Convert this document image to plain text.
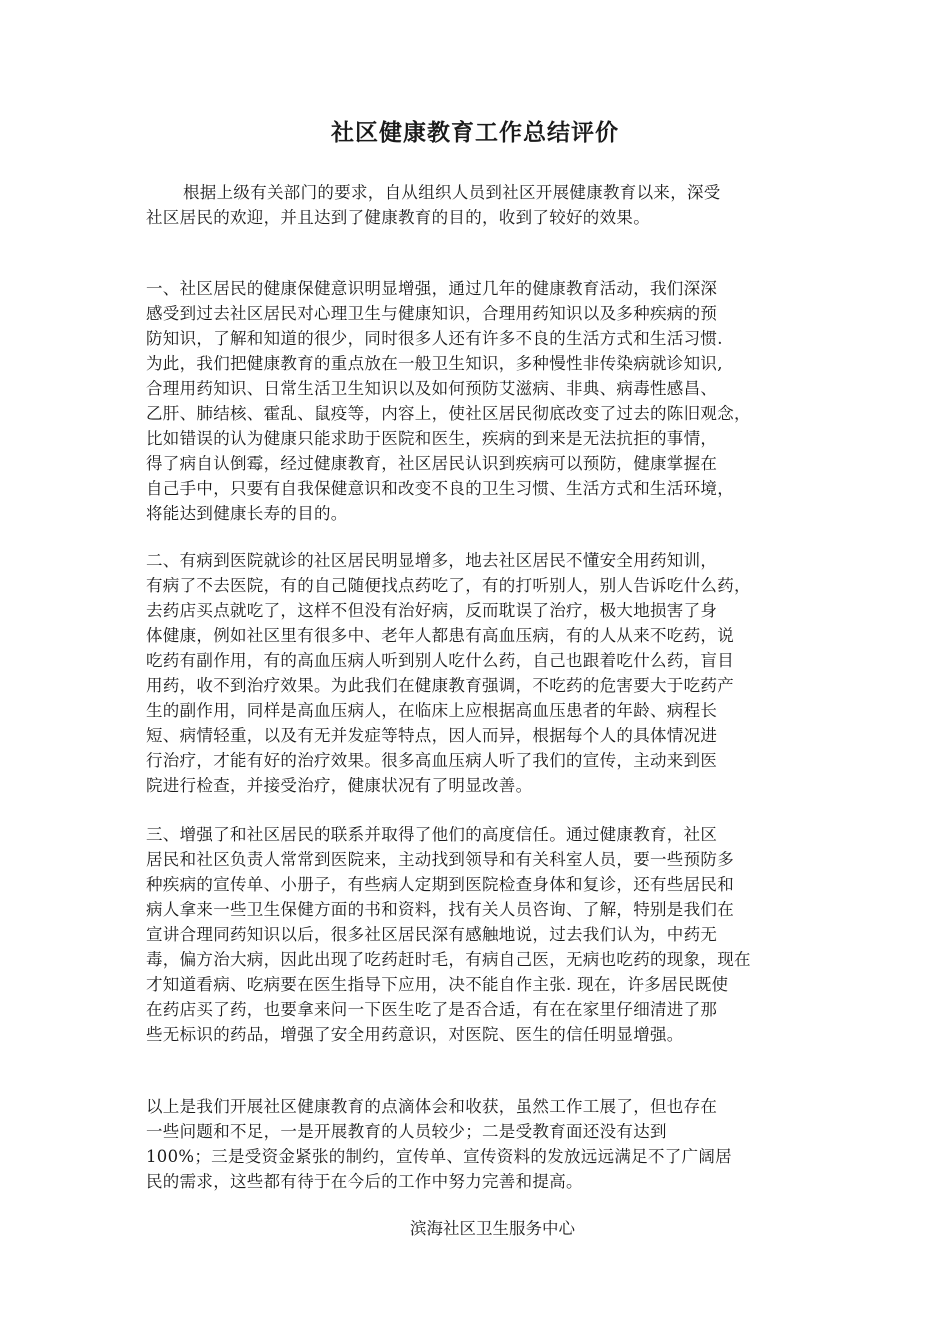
社区健康教育工作总结评价
根据上级有关部门的要求，自从组织人员到社区开展健康教育以来，深受
社区居民的欢迎，并且达到了健康教育的目的，收到了较好的效果。
一、社区居民的健康保健意识明显增强，通过几年的健康教育活动，我们深深
感受到过去社区居民对心理卫生与健康知识，合理用药知识以及多种疾病的预
防知识，了解和知道的很少，同时很多人还有许多不良的生活方式和生活习惯.
为此，我们把健康教育的重点放在一般卫生知识，多种慢性非传染病就诊知识,
合理用药知识、日常生活卫生知识以及如何预防艾滋病、非典、病毒性感昌、
乙肝、肺结核、霍乱、鼠疫等，内容上，使社区居民彻底改变了过去的陈旧观念，
比如错误的认为健康只能求助于医院和医生，疾病的到来是无法抗拒的事情，
得了病自认倒霉，经过健康教育，社区居民认识到疾病可以预防，健康掌握在
自己手中，只要有自我保健意识和改变不良的卫生习惯、生活方式和生活环境，
将能达到健康长寿的目的。
二、有病到医院就诊的社区居民明显增多，地去社区居民不懂安全用药知训，
有病了不去医院，有的自己随便找点药吃了，有的打听别人，别人告诉吃什么药，
去药店买点就吃了，这样不但没有治好病，反而耽误了治疗，极大地损害了身
体健康，例如社区里有很多中、老年人都患有高血压病，有的人从来不吃药，说
吃药有副作用，有的高血压病人听到别人吃什么药，自己也跟着吃什么药，盲目
用药，收不到治疗效果。为此我们在健康教育强调，不吃药的危害要大于吃药产
生的副作用，同样是高血压病人，在临床上应根据高血压患者的年龄、病程长
短、病情轻重，以及有无并发症等特点，因人而异，根据每个人的具体情况进
行治疗，才能有好的治疗效果。很多高血压病人听了我们的宣传，主动来到医
院进行检查，并接受治疗，健康状况有了明显改善。
三、增强了和社区居民的联系并取得了他们的高度信任。通过健康教育，社区
居民和社区负责人常常到医院来，主动找到领导和有关科室人员，要一些预防多
种疾病的宣传单、小册子，有些病人定期到医院检查身体和复诊，还有些居民和
病人拿来一些卫生保健方面的书和资料，找有关人员咨询、了解，特别是我们在
宣讲合理同药知识以后，很多社区居民深有感触地说，过去我们认为，中药无
毒，偏方治大病，因此出现了吃药赶时毛，有病自己医，无病也吃药的现象，现在
才知道看病、吃病要在医生指导下应用，决不能自作主张. 现在，许多居民既使
在药店买了药，也要拿来问一下医生吃了是否合适，有在在家里仔细清进了那
些无标识的药品，增强了安全用药意识，对医院、医生的信任明显增强。
以上是我们开展社区健康教育的点滴体会和收获，虽然工作工展了，但也存在
一些问题和不足，一是开展教育的人员较少；二是受教育面还没有达到
100%；三是受资金紧张的制约，宣传单、宣传资料的发放远远满足不了广阔居
民的需求，这些都有待于在今后的工作中努力完善和提高。
滨海社区卫生服务中心
